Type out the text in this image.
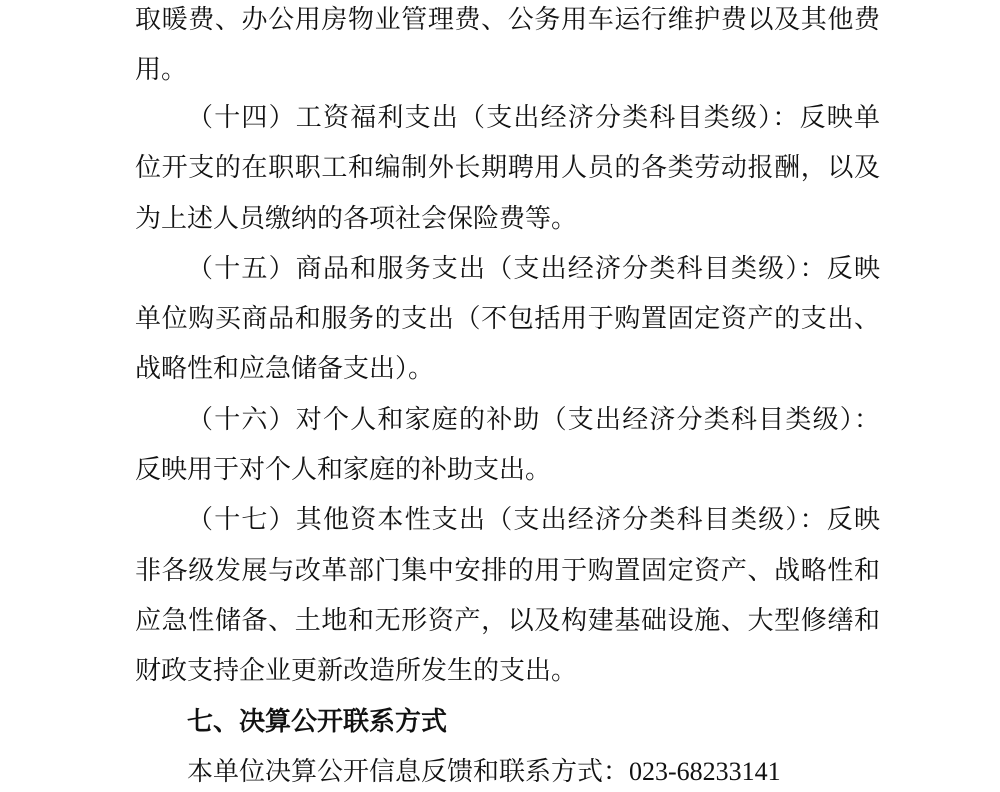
取暖费、办公用房物业管理费、公务用车运行维护费以及其他费
用。
（十四）工资福利支出（支出经济分类科目类级）：反映单
位开支的在职职工和编制外长期聘用人员的各类劳动报酬，以及
为上述人员缴纳的各项社会保险费等。
（十五）商品和服务支出（支出经济分类科目类级）：反映
单位购买商品和服务的支出（不包括用于购置固定资产的支出、
战略性和应急储备支出）。
（十六）对个人和家庭的补助（支出经济分类科目类级）：
反映用于对个人和家庭的补助支出。
（十七）其他资本性支出（支出经济分类科目类级）：反映
非各级发展与改革部门集中安排的用于购置固定资产、战略性和
应急性储备、土地和无形资产，以及构建基础设施、大型修缮和
财政支持企业更新改造所发生的支出。
七、决算公开联系方式
本单位决算公开信息反馈和联系方式：023-68233141
